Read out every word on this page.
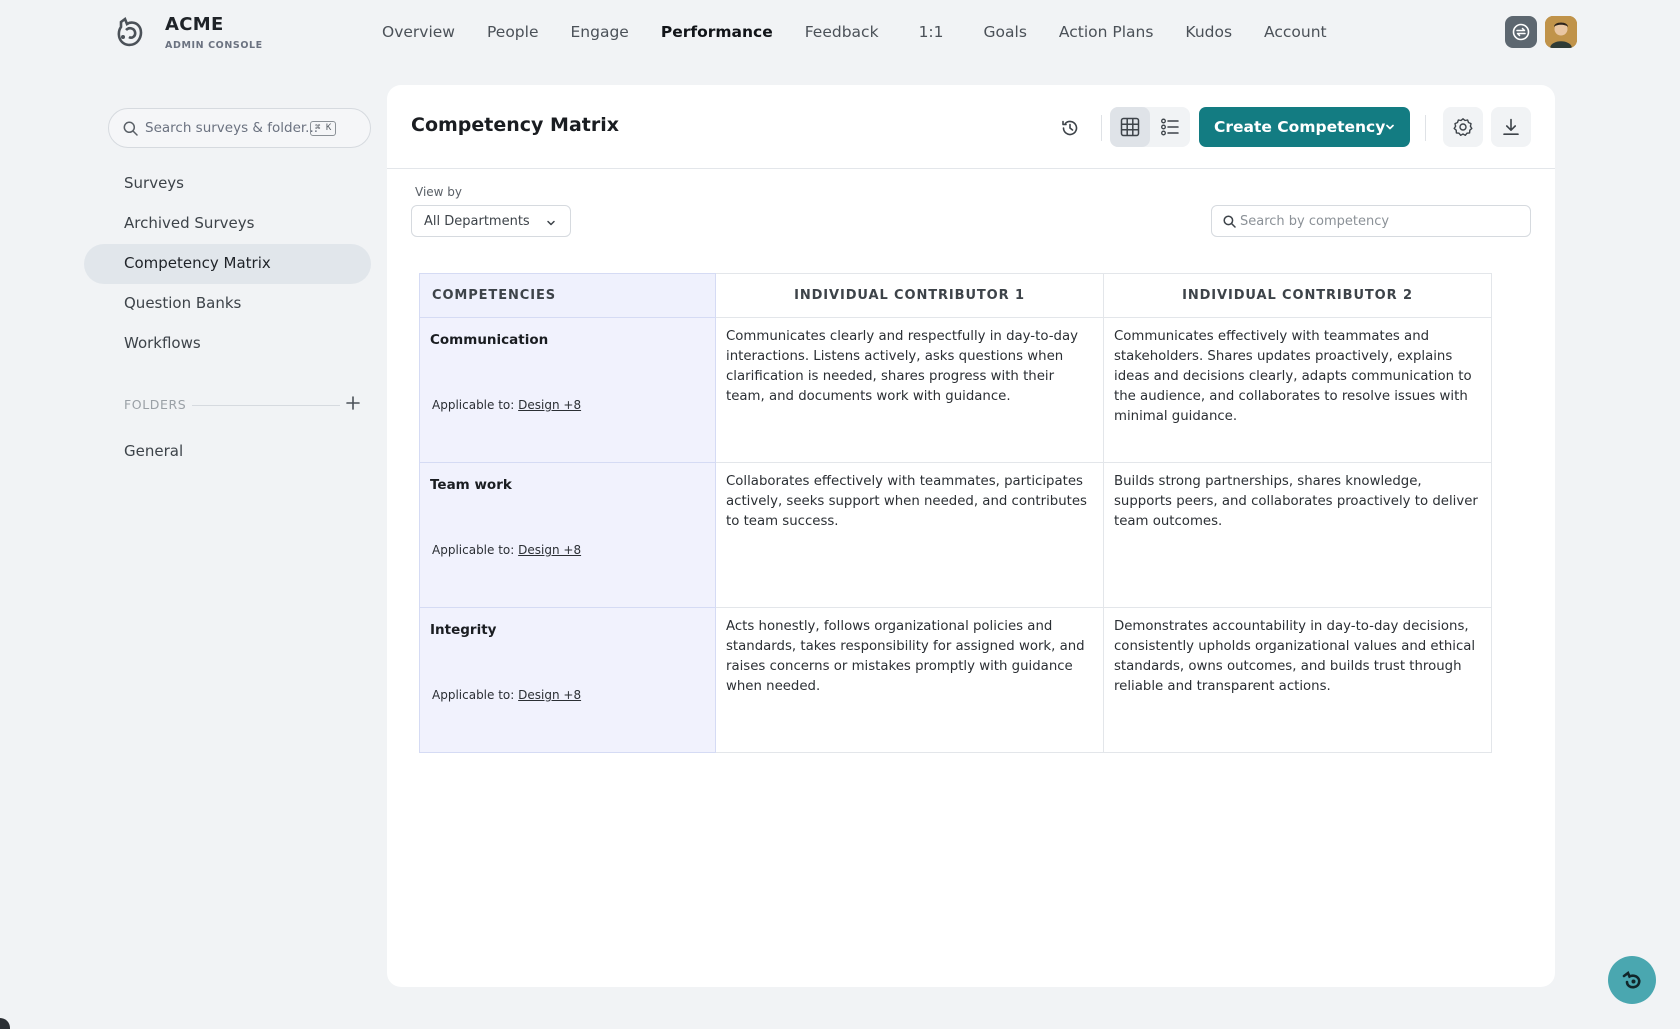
ACME
ADMIN CONSOLE
Overview People Engage Performance Feedback	1:1	Goals Action Plans Kudos Account
Search surveys & folder...
⌘ K
Surveys
Archived Surveys
Competency Matrix
Question Banks
Workflows
FOLDERS
General
Competency Matrix	Create Competency
View by
All Departments
Search by competency
COMPETENCIES	INDIVIDUAL CONTRIBUTOR 1	INDIVIDUAL CONTRIBUTOR 2

Communication
Applicable to: Design +8	Communicates clearly and respectfully in day-to-day interactions. Listens actively, asks questions when clarification is needed, shares progress with their team, and documents work with guidance.	Communicates effectively with teammates and stakeholders. Shares updates proactively, explains ideas and decisions clearly, adapts communication to the audience, and collaborates to resolve issues with minimal guidance.

Team work
Applicable to: Design +8	Collaborates effectively with teammates, participates actively, seeks support when needed, and contributes to team success.	Builds strong partnerships, shares knowledge, supports peers, and collaborates proactively to deliver team outcomes.

Integrity
Applicable to: Design +8	Acts honestly, follows organizational policies and standards, takes responsibility for assigned work, and raises concerns or mistakes promptly with guidance when needed.	Demonstrates accountability in day-to-day decisions, consistently upholds organizational values and ethical standards, owns outcomes, and builds trust through reliable and transparent actions.
